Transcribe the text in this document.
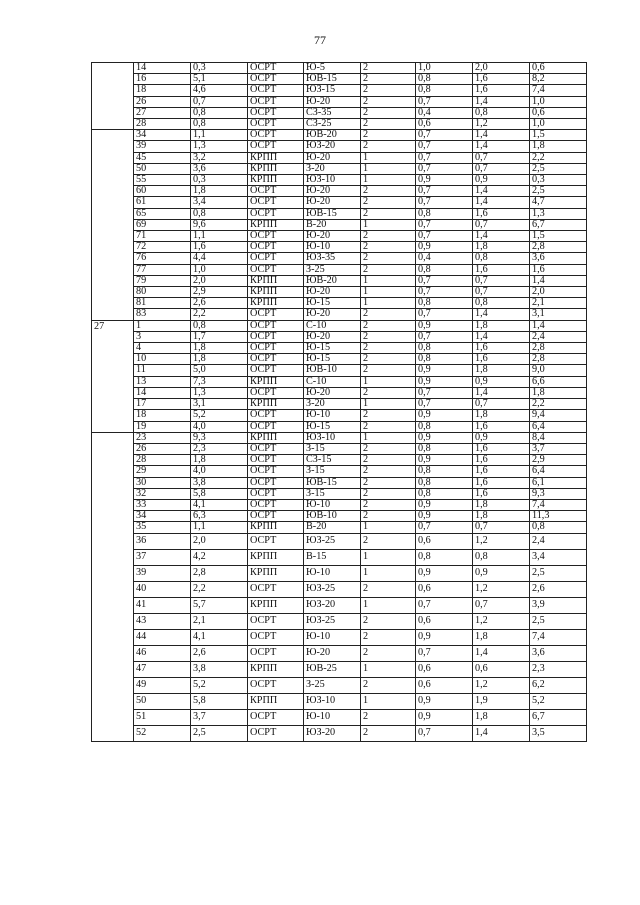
77
	14	0,3	ОСРТ	Ю-5	2	1,0	2,0	0,6
	16	5,1	ОСРТ	ЮВ-15	2	0,8	1,6	8,2
	18	4,6	ОСРТ	ЮЗ-15	2	0,8	1,6	7,4
	26	0,7	ОСРТ	Ю-20	2	0,7	1,4	1,0
	27	0,8	ОСРТ	СЗ-35	2	0,4	0,8	0,6
	28	0,8	ОСРТ	СЗ-25	2	0,6	1,2	1,0
	34	1,1	ОСРТ	ЮВ-20	2	0,7	1,4	1,5
	39	1,3	ОСРТ	ЮЗ-20	2	0,7	1,4	1,8
	45	3,2	КРПП	Ю-20	1	0,7	0,7	2,2
	50	3,6	КРПП	З-20	1	0,7	0,7	2,5
	55	0,3	КРПП	ЮЗ-10	1	0,9	0,9	0,3
	60	1,8	ОСРТ	Ю-20	2	0,7	1,4	2,5
	61	3,4	ОСРТ	Ю-20	2	0,7	1,4	4,7
	65	0,8	ОСРТ	ЮВ-15	2	0,8	1,6	1,3
	69	9,6	КРПП	В-20	1	0,7	0,7	6,7
	71	1,1	ОСРТ	Ю-20	2	0,7	1,4	1,5
	72	1,6	ОСРТ	Ю-10	2	0,9	1,8	2,8
	76	4,4	ОСРТ	ЮЗ-35	2	0,4	0,8	3,6
	77	1,0	ОСРТ	З-25	2	0,8	1,6	1,6
	79	2,0	КРПП	ЮВ-20	1	0,7	0,7	1,4
	80	2,9	КРПП	Ю-20	1	0,7	0,7	2,0
	81	2,6	КРПП	Ю-15	1	0,8	0,8	2,1
	83	2,2	ОСРТ	Ю-20	2	0,7	1,4	3,1
27	1	0,8	ОСРТ	С-10	2	0,9	1,8	1,4
	3	1,7	ОСРТ	Ю-20	2	0,7	1,4	2,4
	4	1,8	ОСРТ	Ю-15	2	0,8	1,6	2,8
	10	1,8	ОСРТ	Ю-15	2	0,8	1,6	2,8
	11	5,0	ОСРТ	ЮВ-10	2	0,9	1,8	9,0
	13	7,3	КРПП	С-10	1	0,9	0,9	6,6
	14	1,3	ОСРТ	Ю-20	2	0,7	1,4	1,8
	17	3,1	КРПП	З-20	1	0,7	0,7	2,2
	18	5,2	ОСРТ	Ю-10	2	0,9	1,8	9,4
	19	4,0	ОСРТ	Ю-15	2	0,8	1,6	6,4
	23	9,3	КРПП	ЮЗ-10	1	0,9	0,9	8,4
	26	2,3	ОСРТ	З-15	2	0,8	1,6	3,7
	28	1,8	ОСРТ	СЗ-15	2	0,9	1,6	2,9
	29	4,0	ОСРТ	З-15	2	0,8	1,6	6,4
	30	3,8	ОСРТ	ЮВ-15	2	0,8	1,6	6,1
	32	5,8	ОСРТ	З-15	2	0,8	1,6	9,3
	33	4,1	ОСРТ	Ю-10	2	0,9	1,8	7,4
	34	6,3	ОСРТ	ЮВ-10	2	0,9	1,8	11,3
	35	1,1	КРПП	В-20	1	0,7	0,7	0,8
	36	2,0	ОСРТ	ЮЗ-25	2	0,6	1,2	2,4
	37	4,2	КРПП	В-15	1	0,8	0,8	3,4
	39	2,8	КРПП	Ю-10	1	0,9	0,9	2,5
	40	2,2	ОСРТ	ЮЗ-25	2	0,6	1,2	2,6
	41	5,7	КРПП	ЮЗ-20	1	0,7	0,7	3,9
	43	2,1	ОСРТ	ЮЗ-25	2	0,6	1,2	2,5
	44	4,1	ОСРТ	Ю-10	2	0,9	1,8	7,4
	46	2,6	ОСРТ	Ю-20	2	0,7	1,4	3,6
	47	3,8	КРПП	ЮВ-25	1	0,6	0,6	2,3
	49	5,2	ОСРТ	З-25	2	0,6	1,2	6,2
	50	5,8	КРПП	ЮЗ-10	1	0,9	1,9	5,2
	51	3,7	ОСРТ	Ю-10	2	0,9	1,8	6,7
	52	2,5	ОСРТ	ЮЗ-20	2	0,7	1,4	3,5
